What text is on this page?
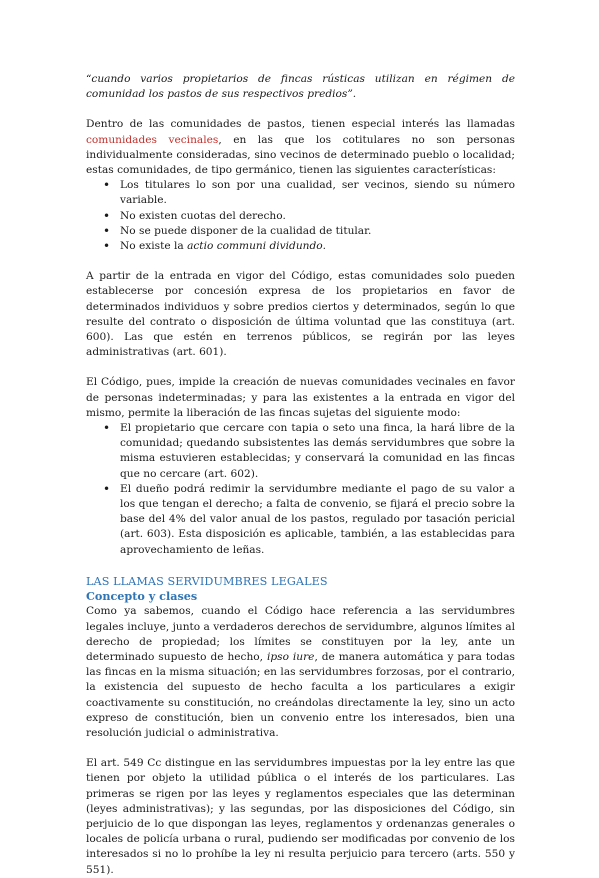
“cuando varios propietarios de fincas rústicas utilizan en régimen de comunidad los pastos de sus respectivos predios”.

Dentro de las comunidades de pastos, tienen especial interés las llamadas comunidades vecinales, en las que los cotitulares no son personas individualmente consideradas, sino vecinos de determinado pueblo o localidad; estas comunidades, de tipo germánico, tienen las siguientes características:

• Los titulares lo son por una cualidad, ser vecinos, siendo su número variable.
• No existen cuotas del derecho.
• No se puede disponer de la cualidad de titular.
• No existe la actio communi dividundo.

A partir de la entrada en vigor del Código, estas comunidades solo pueden establecerse por concesión expresa de los propietarios en favor de determinados individuos y sobre predios ciertos y determinados, según lo que resulte del contrato o disposición de última voluntad que las constituya (art. 600). Las que estén en terrenos públicos, se regirán por las leyes administrativas (art. 601).

El Código, pues, impide la creación de nuevas comunidades vecinales en favor de personas indeterminadas; y para las existentes a la entrada en vigor del mismo, permite la liberación de las fincas sujetas del siguiente modo:

• El propietario que cercare con tapia o seto una finca, la hará libre de la comunidad; quedando subsistentes las demás servidumbres que sobre la misma estuvieren establecidas; y conservará la comunidad en las fincas que no cercare (art. 602).
• El dueño podrá redimir la servidumbre mediante el pago de su valor a los que tengan el derecho; a falta de convenio, se fijará el precio sobre la base del 4% del valor anual de los pastos, regulado por tasación pericial (art. 603). Esta disposición es aplicable, también, a las establecidas para aprovechamiento de leñas.
LAS LLAMAS SERVIDUMBRES LEGALES
Concepto y clases

Como ya sabemos, cuando el Código hace referencia a las servidumbres legales incluye, junto a verdaderos derechos de servidumbre, algunos límites al derecho de propiedad; los límites se constituyen por la ley, ante un determinado supuesto de hecho, ipso iure, de manera automática y para todas las fincas en la misma situación; en las servidumbres forzosas, por el contrario, la existencia del supuesto de hecho faculta a los particulares a exigir coactivamente su constitución, no creándolas directamente la ley, sino un acto expreso de constitución, bien un convenio entre los interesados, bien una resolución judicial o administrativa.

El art. 549 Cc distingue en las servidumbres impuestas por la ley entre las que tienen por objeto la utilidad pública o el interés de los particulares. Las primeras se rigen por las leyes y reglamentos especiales que las determinan (leyes administrativas); y las segundas, por las disposiciones del Código, sin perjuicio de lo que dispongan las leyes, reglamentos y ordenanzas generales o locales de policía urbana o rural, pudiendo ser modificadas por convenio de los interesados si no lo prohíbe la ley ni resulta perjuicio para tercero (arts. 550 y 551).
